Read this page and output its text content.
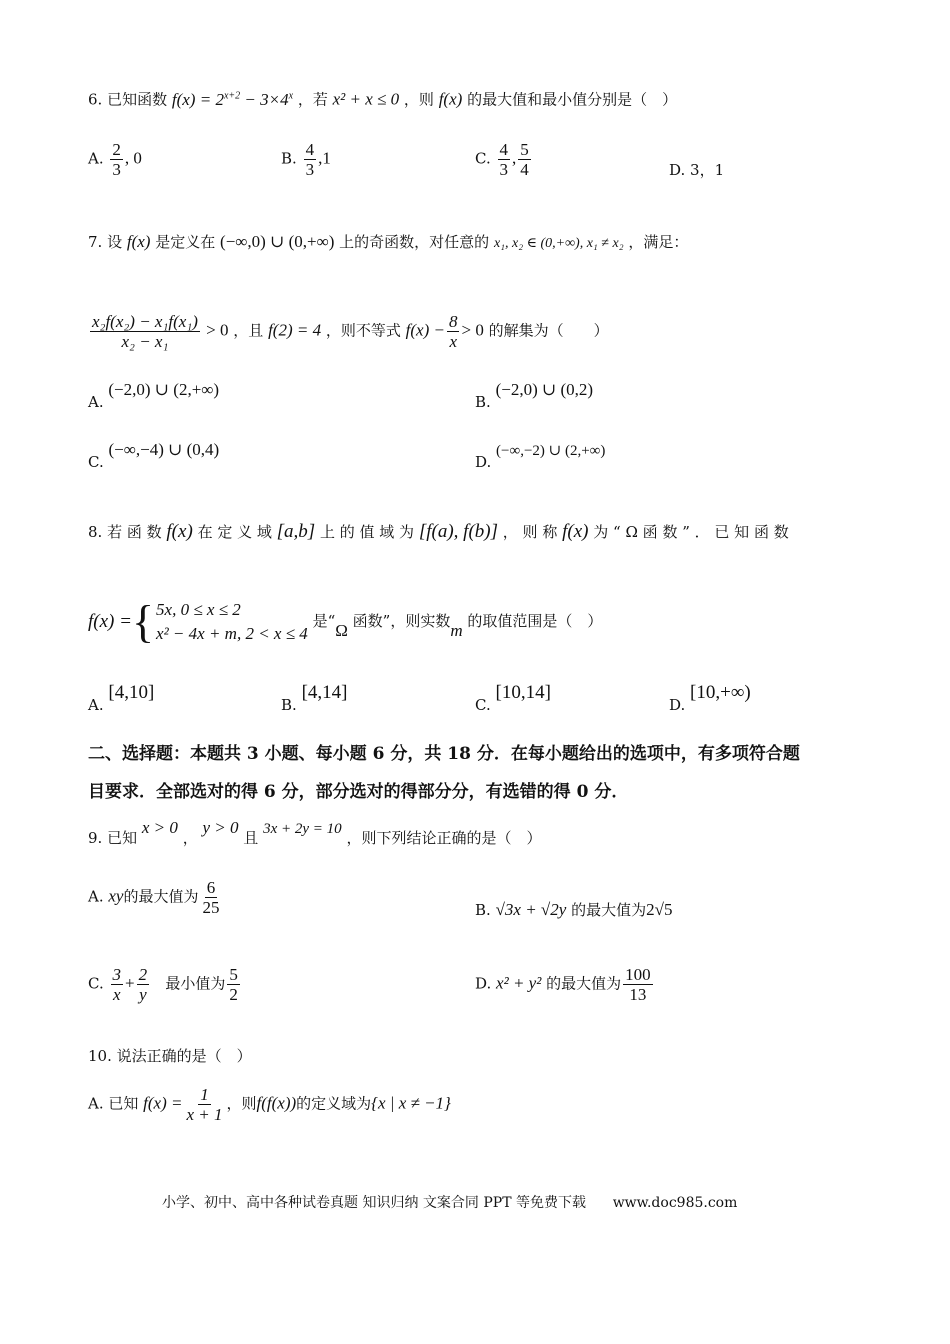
6. 已知函数 $f(x) = 2^{x+2} - 3\times 4^x$ ，若 x² + x ≤ 0 ，则 f(x) 的最大值和最小值分别是（　）
A. $\frac{2}{3}$ , 0	B. $\frac{4}{3} ,1$	C. $\frac{4}{3}$ , $\frac{5}{4}$	D. 3，1
7. 设 f(x) 是定义在 (−∞,0) ∪ (0,+∞) 上的奇函数，对任意的 x₁, x₂ ∈ (0,+∞), x₁ ≠ x₂ ，满足：
$\frac{\text{x₂f(x₂) − x₁f(x₁)}}{\text{x₂ − x₁}} > 0$ ，且 f(2) = 4 ，则不等式 $f(x) - \frac{8}{x} > 0$ 的解集为（　　）
A. (−2,0) ∪ (2,+∞)
B. (−2,0) ∪ (0,2)
C. (−∞,−4) ∪ (0,4)
D. (−∞,−2) ∪ (2,+∞)
8. 若 函 数 f(x) 在 定 义 域 [a,b] 上 的 值 域 为 [f(a), f(b)] ， 则 称 f(x) 为 “ Ω 函 数 ” ． 已 知 函 数
f(x) = { 5x, 0 ≤ x ≤ 2
x² − 4x + m, 2 < x ≤ 4
是“Ω 函数”，则实数m 的取值范围是（　）
A. [4,10]
B. [4,14]
C. [10,14]
D. [10,+∞)
二、选择题：本题共 3 小题、每小题 6 分，共 18 分．在每小题给出的选项中，有多项符合题
目要求．全部选对的得 6 分，部分选对的得部分分，有选错的得 0 分．
9. 已知 x > 0 ， y > 0 且 3x + 2y = 10 ，则下列结论正确的是（　）
A. xy的最大值为 $\frac{6}{25}$	B. √3x + √2y 的最大值为2√5
C. $\frac{3}{x} + \frac{2}{y}$ 最小值为 $\frac{5}{2}$	D. x² + y² 的最大值为 $\frac{100}{13}$
10. 说法正确的是（　）
A. 已知 $f(x) = \frac{1}{x + 1}$ ，则f(f(x))的定义域为{x | x ≠ −1}
小学、初中、高中各种试卷真题 知识归纳 文案合同 PPT 等免费下载 www.doc985.com
